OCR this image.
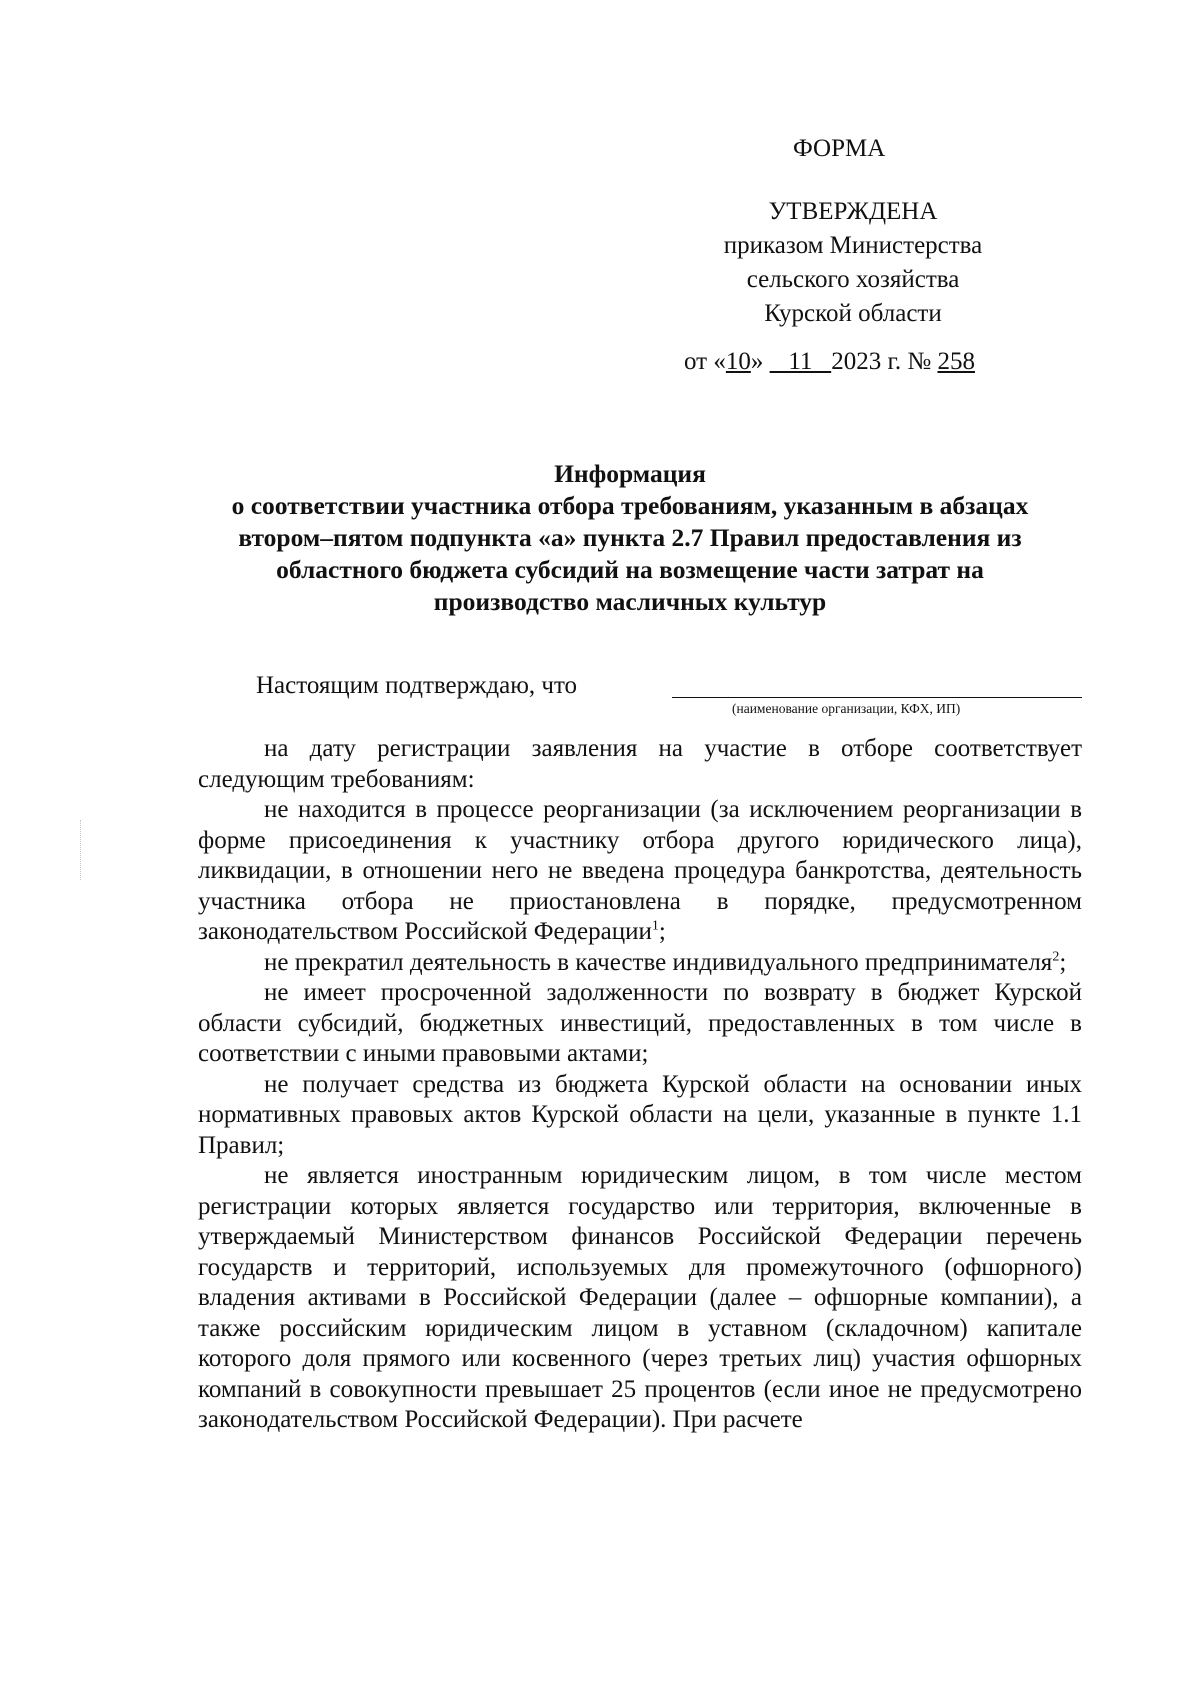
ФОРМА
УТВЕРЖДЕНА
приказом Министерства
сельского хозяйства
Курской области
от «10»    11   2023 г. № 258
Информация
о соответствии участника отбора требованиям, указанным в абзацах
втором–пятом подпункта «а» пункта 2.7 Правил предоставления из
областного бюджета субсидий на возмещение части затрат на
производство масличных культур
Настоящим подтверждаю, что
(наименование организации, КФХ, ИП)

на дату регистрации заявления на участие в отборе соответствует следующим требованиям:

не находится в процессе реорганизации (за исключением реорганизации в форме присоединения к участнику отбора другого юридического лица), ликвидации, в отношении него не введена процедура банкротства, деятельность участника отбора не приостановлена в порядке, предусмотренном законодательством Российской Федерации$^1$;

не прекратил деятельность в качестве индивидуального предпринимателя$^2$;

не имеет просроченной задолженности по возврату в бюджет Курской области субсидий, бюджетных инвестиций, предоставленных в том числе в соответствии с иными правовыми актами;

не получает средства из бюджета Курской области на основании иных нормативных правовых актов Курской области на цели, указанные в пункте 1.1 Правил;

не является иностранным юридическим лицом, в том числе местом регистрации которых является государство или территория, включенные в утверждаемый Министерством финансов Российской Федерации перечень государств и территорий, используемых для промежуточного (офшорного) владения активами в Российской Федерации (далее – офшорные компании), а также российским юридическим лицом в уставном (складочном) капитале которого доля прямого или косвенного (через третьих лиц) участия офшорных компаний в совокупности превышает 25 процентов (если иное не предусмотрено законодательством Российской Федерации). При расчете
